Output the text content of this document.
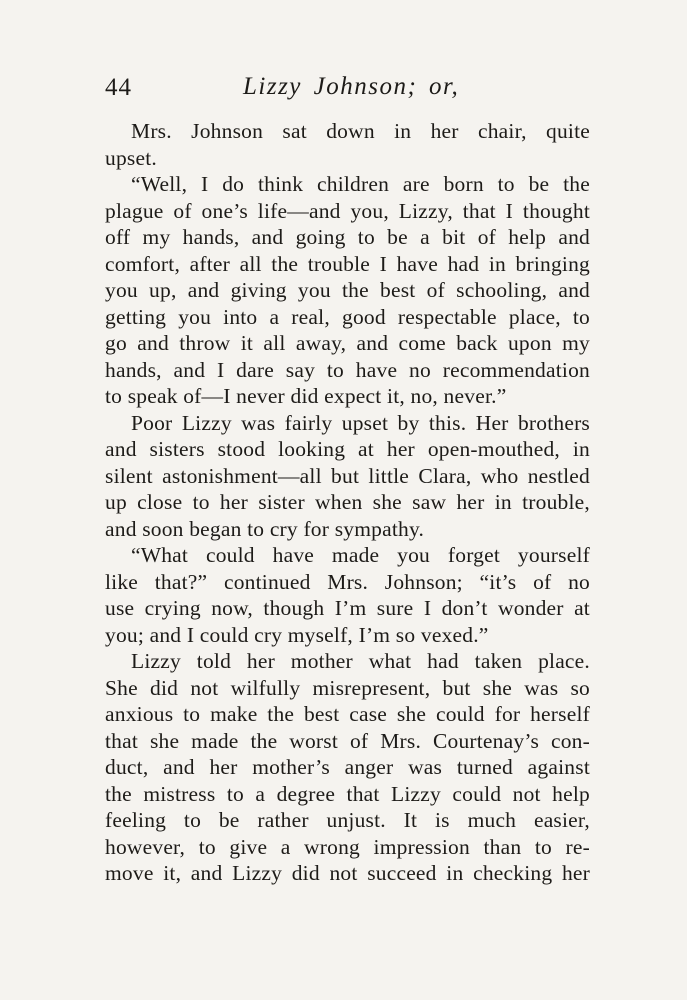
44	Lizzy Johnson; or,
Mrs. Johnson sat down in her chair, quite
upset.
“Well, I do think children are born to be the
plague of one’s life—and you, Lizzy, that I thought
off my hands, and going to be a bit of help and
comfort, after all the trouble I have had in bringing
you up, and giving you the best of schooling, and
getting you into a real, good respectable place, to
go and throw it all away, and come back upon my
hands, and I dare say to have no recommendation
to speak of—I never did expect it, no, never.”
Poor Lizzy was fairly upset by this. Her brothers
and sisters stood looking at her open-mouthed, in
silent astonishment—all but little Clara, who nestled
up close to her sister when she saw her in trouble,
and soon began to cry for sympathy.
“What could have made you forget yourself
like that?” continued Mrs. Johnson; “it’s of no
use crying now, though I’m sure I don’t wonder at
you; and I could cry myself, I’m so vexed.”
Lizzy told her mother what had taken place.
She did not wilfully misrepresent, but she was so
anxious to make the best case she could for herself
that she made the worst of Mrs. Courtenay’s con-
duct, and her mother’s anger was turned against
the mistress to a degree that Lizzy could not help
feeling to be rather unjust. It is much easier,
however, to give a wrong impression than to re-
move it, and Lizzy did not succeed in checking her
